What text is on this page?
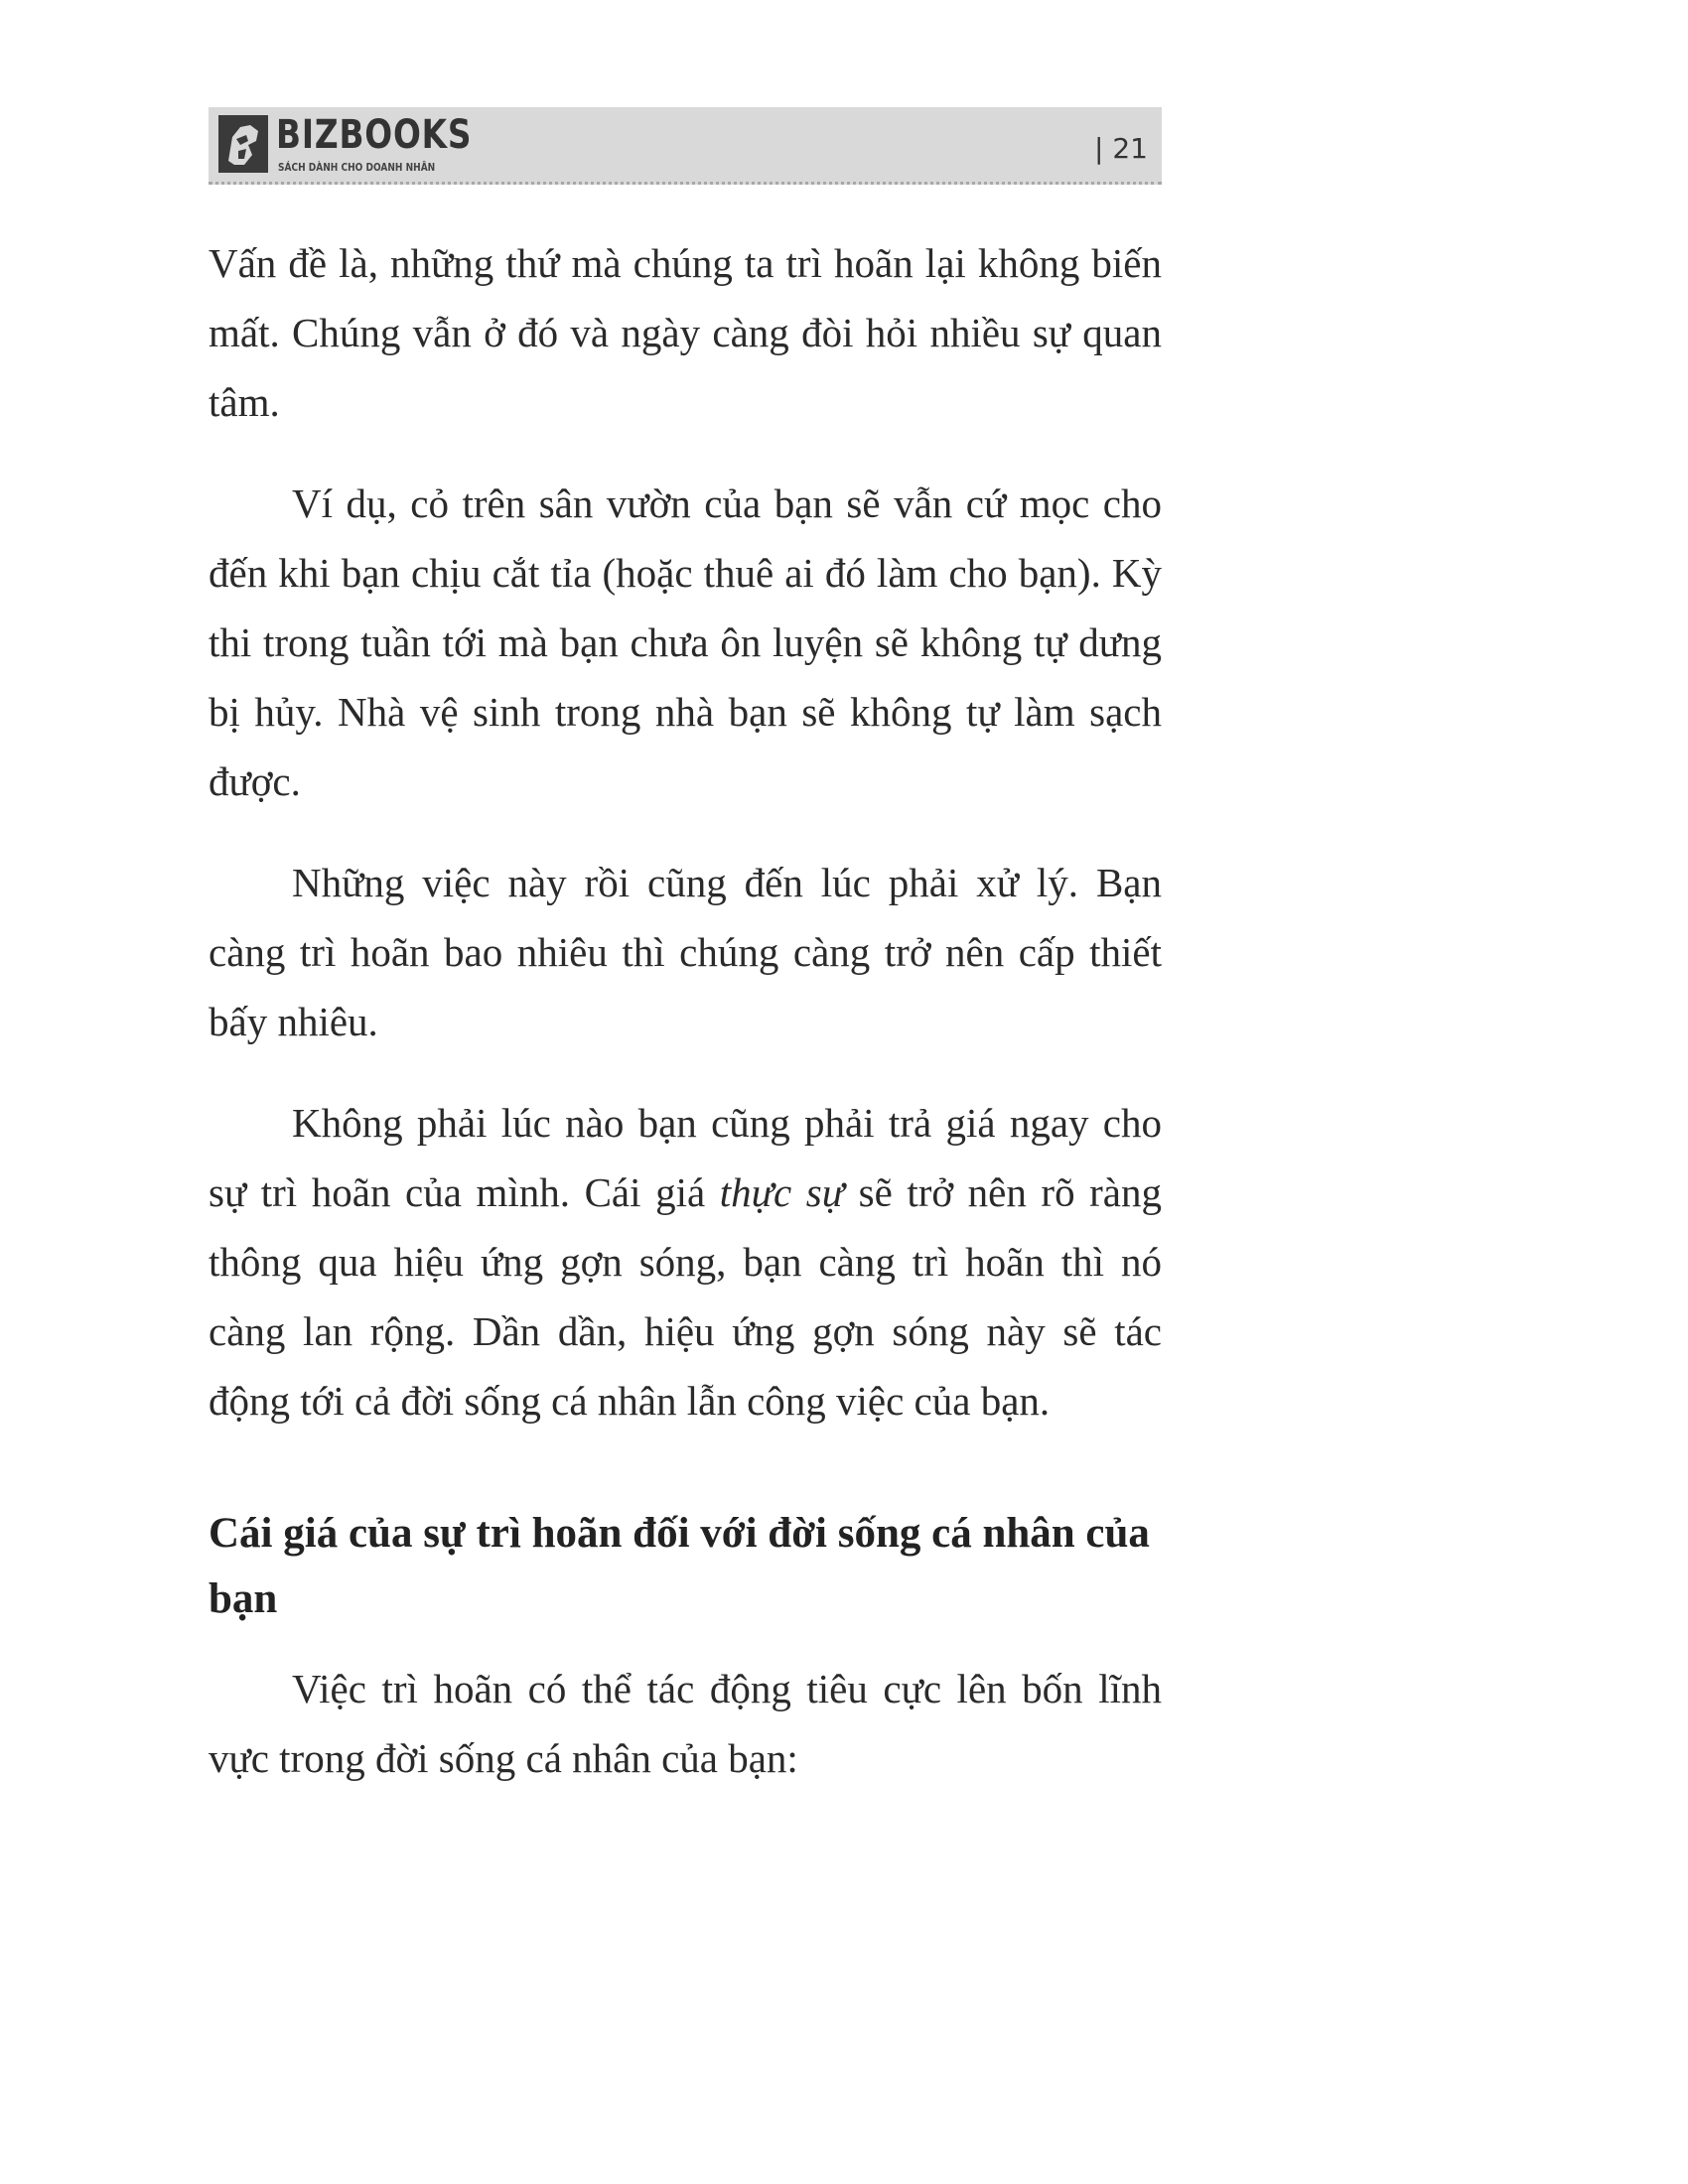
BIZBOOKS
SÁCH DÀNH CHO DOANH NHÂN
| 21

Vấn đề là, những thứ mà chúng ta trì hoãn lại không biến mất. Chúng vẫn ở đó và ngày càng đòi hỏi nhiều sự quan tâm.

Ví dụ, cỏ trên sân vườn của bạn sẽ vẫn cứ mọc cho đến khi bạn chịu cắt tỉa (hoặc thuê ai đó làm cho bạn). Kỳ thi trong tuần tới mà bạn chưa ôn luyện sẽ không tự dưng bị hủy. Nhà vệ sinh trong nhà bạn sẽ không tự làm sạch được.

Những việc này rồi cũng đến lúc phải xử lý. Bạn càng trì hoãn bao nhiêu thì chúng càng trở nên cấp thiết bấy nhiêu.

Không phải lúc nào bạn cũng phải trả giá ngay cho sự trì hoãn của mình. Cái giá thực sự sẽ trở nên rõ ràng thông qua hiệu ứng gợn sóng, bạn càng trì hoãn thì nó càng lan rộng. Dần dần, hiệu ứng gợn sóng này sẽ tác động tới cả đời sống cá nhân lẫn công việc của bạn.

Cái giá của sự trì hoãn đối với đời sống cá nhân của bạn

Việc trì hoãn có thể tác động tiêu cực lên bốn lĩnh vực trong đời sống cá nhân của bạn:
